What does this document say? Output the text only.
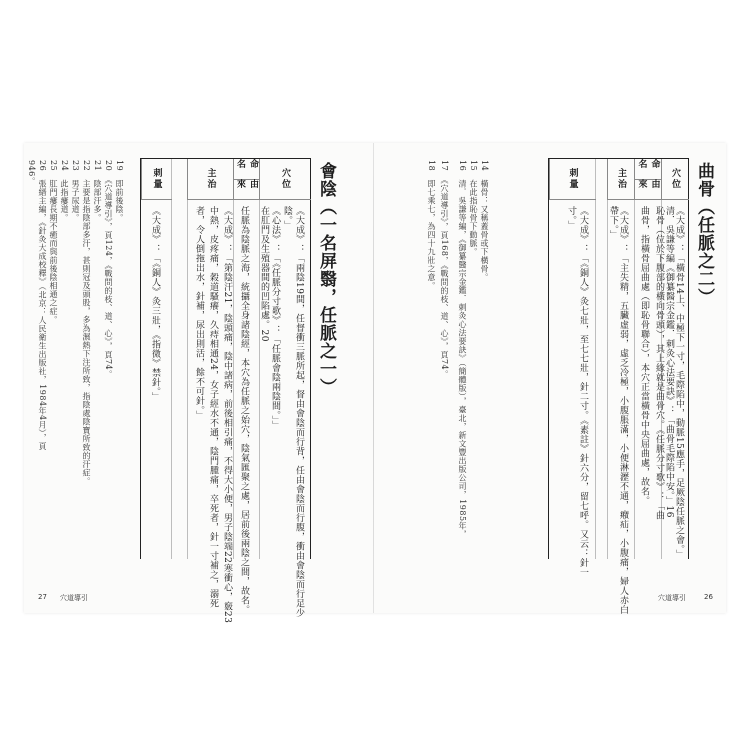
曲骨（任脈之二）
穴位
命名
由來
主治
刺量
《大成》：「橫骨14上、中極下一寸，毛際陷中，動脈15應手，足厥陰任脈之會。」
清．吳謙等編《御纂醫宗金鑑．刺灸心法要訣》：「曲骨毛際陷中安。」16
恥骨（位於下腹部的橫向骨頭），其上緣就是曲骨穴。《任脈分寸歌》：「曲
曲骨，指橫骨屈曲處（即恥骨聯合），本穴正當橫骨中央屈曲處，故名。
《大成》：「主失精，五臟虛弱，虛乏冷極，小腹脹滿，小便淋瀝不通，癪疝，小腹痛，婦人赤白
帶下。」
《大成》：「《銅人》灸七壯，至七七壯，針二寸。《素註》針六分，留七呼。又云：針一
寸。」
14　橫骨：又稱蓋骨或下橫骨。
15　在此指恥骨下動脈。
16　清．吳謙等編，《御纂醫宗金鑑．刺灸心法要訣》（簡體版），臺北，新文豐出版公司，1985年，
17　《穴道導引》，頁168，《戰問的枝、道、心》，頁74。
18　即七乘七，為四十九壯之意。
穴道導引	26
會陰（一名屏翳，任脈之一）
穴位
命名
由來
主治
刺量
《大成》：「兩陰19間，任督衝三脈所起，督由會陰而行背，任由會陰而行腹，衝由會陰而行足少
陰。」
《心法》：「《任脈分寸歌》：「任脈會陰兩陰間。」」
在肛門及生殖器間的凹陷處。20
任脈為陰脈之海，統攝全身諸陰經，本穴為任脈之始穴，陰氣匯聚之處，居前後兩陰之間，故名。
《大成》：「第陰汗21，陰頭痛，陰中諸病，前後相引痛，不得大小便，男子陰端22寒衝心，竅23
中熱，皮疼痛，穀道騷癢，久痔相通24，女子經水不通，陰門腫痛，卒死者，針一寸補之，溺死
者，令人倒拖出水，針補，尿出則活，餘不可針。」
《大成》：「《銅人》灸三壯，《指微》禁針。」
19　即前後陰。
20　《穴道導引》，頁124，《戰問的枝、道、心》，頁74。
21　陰部汗多。
22　主要是指陰部多汗，甚則冠及頭股，多為濕熱下注所致，指陰處陰寶所致的汗症。
23　男子尿道。
24　此指瘻道。
25　肛門瘻長期不癒而與前後陰相通之症。
26　張縉主編，《針灸大成校釋》（北京：人民衛生出版社，1984年4月），頁
946。
27 穴道導引
